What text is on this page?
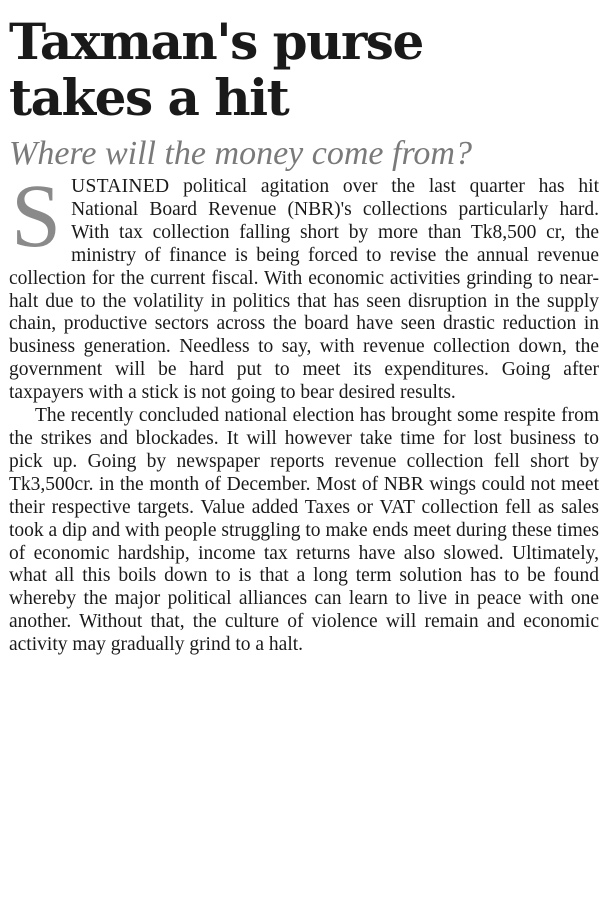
Taxman's purse
takes a hit
Where will the money come from?

SUSTAINED political agitation over the last quarter has hit National Board Revenue (NBR)'s collections particularly hard. With tax collection falling short by more than Tk8,500 cr, the ministry of finance is being forced to revise the annual revenue collection for the current fiscal. With economic activities grinding to near-halt due to the volatility in politics that has seen disruption in the supply chain, productive sectors across the board have seen drastic reduction in business generation. Needless to say, with revenue collection down, the government will be hard put to meet its expenditures. Going after taxpayers with a stick is not going to bear desired results.

The recently concluded national election has brought some respite from the strikes and blockades. It will however take time for lost business to pick up. Going by newspaper reports revenue collection fell short by Tk3,500cr. in the month of December. Most of NBR wings could not meet their respective targets. Value added Taxes or VAT collection fell as sales took a dip and with people struggling to make ends meet during these times of economic hardship, income tax returns have also slowed. Ultimately, what all this boils down to is that a long term solution has to be found whereby the major political alliances can learn to live in peace with one another. Without that, the culture of violence will remain and economic activity may gradually grind to a halt.
